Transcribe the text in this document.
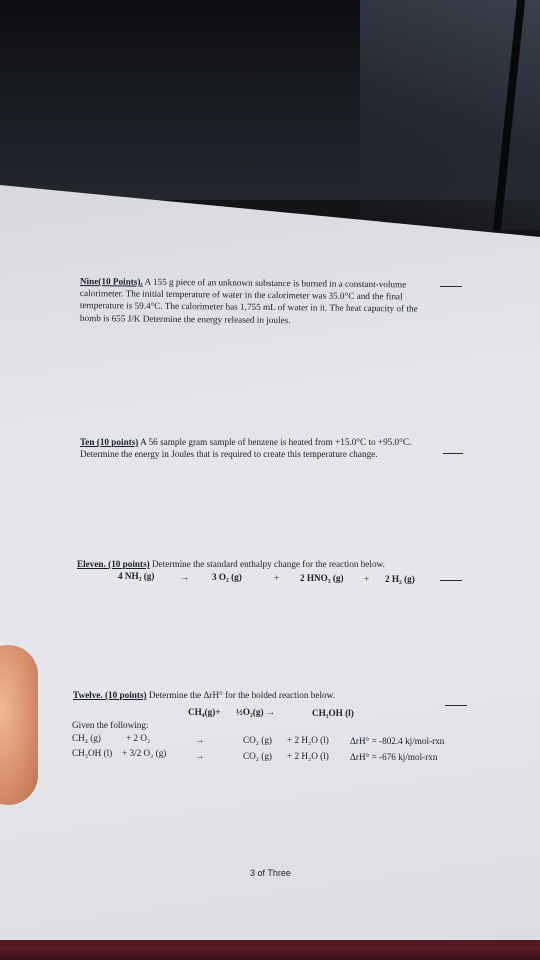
Nine(10 Points). A 155 g piece of an unknown substance is burned in a constant-volume
calorimeter. The initial temperature of water in the calorimeter was 35.0°C and the final
temperature is 59.4°C. The calorimeter has 1,755 mL of water in it. The heat capacity of the
bomb is 655 J/K Determine the energy released in joules.
Ten (10 points) A 56 sample gram sample of benzene is heated from +15.0°C to +95.0°C.
Determine the energy in Joules that is required to create this temperature change.
Eleven. (10 points) Determine the standard enthalpy change for the reaction below.
4 NH₃ (g)	→ 3 O₂ (g)	+ 2 HNO₃ (g) + 2 H₂ (g)
Twelve. (10 points) Determine the ΔrH° for the bolded reaction below.
CH₄(g)+ ½O₂(g) →	CH₃OH (l)
Given the following:
CH₄ (g)	+ 2 O₂	→	CO₂ (g) + 2 H₂O (l) ΔrH° = -802.4 kj/mol-rxn
CH₃OH (l) + 3/2 O₂ (g)	→	CO₂ (g) + 2 H₂O (l) ΔrH° = -676 kj/mol-rxn
3 of Three
